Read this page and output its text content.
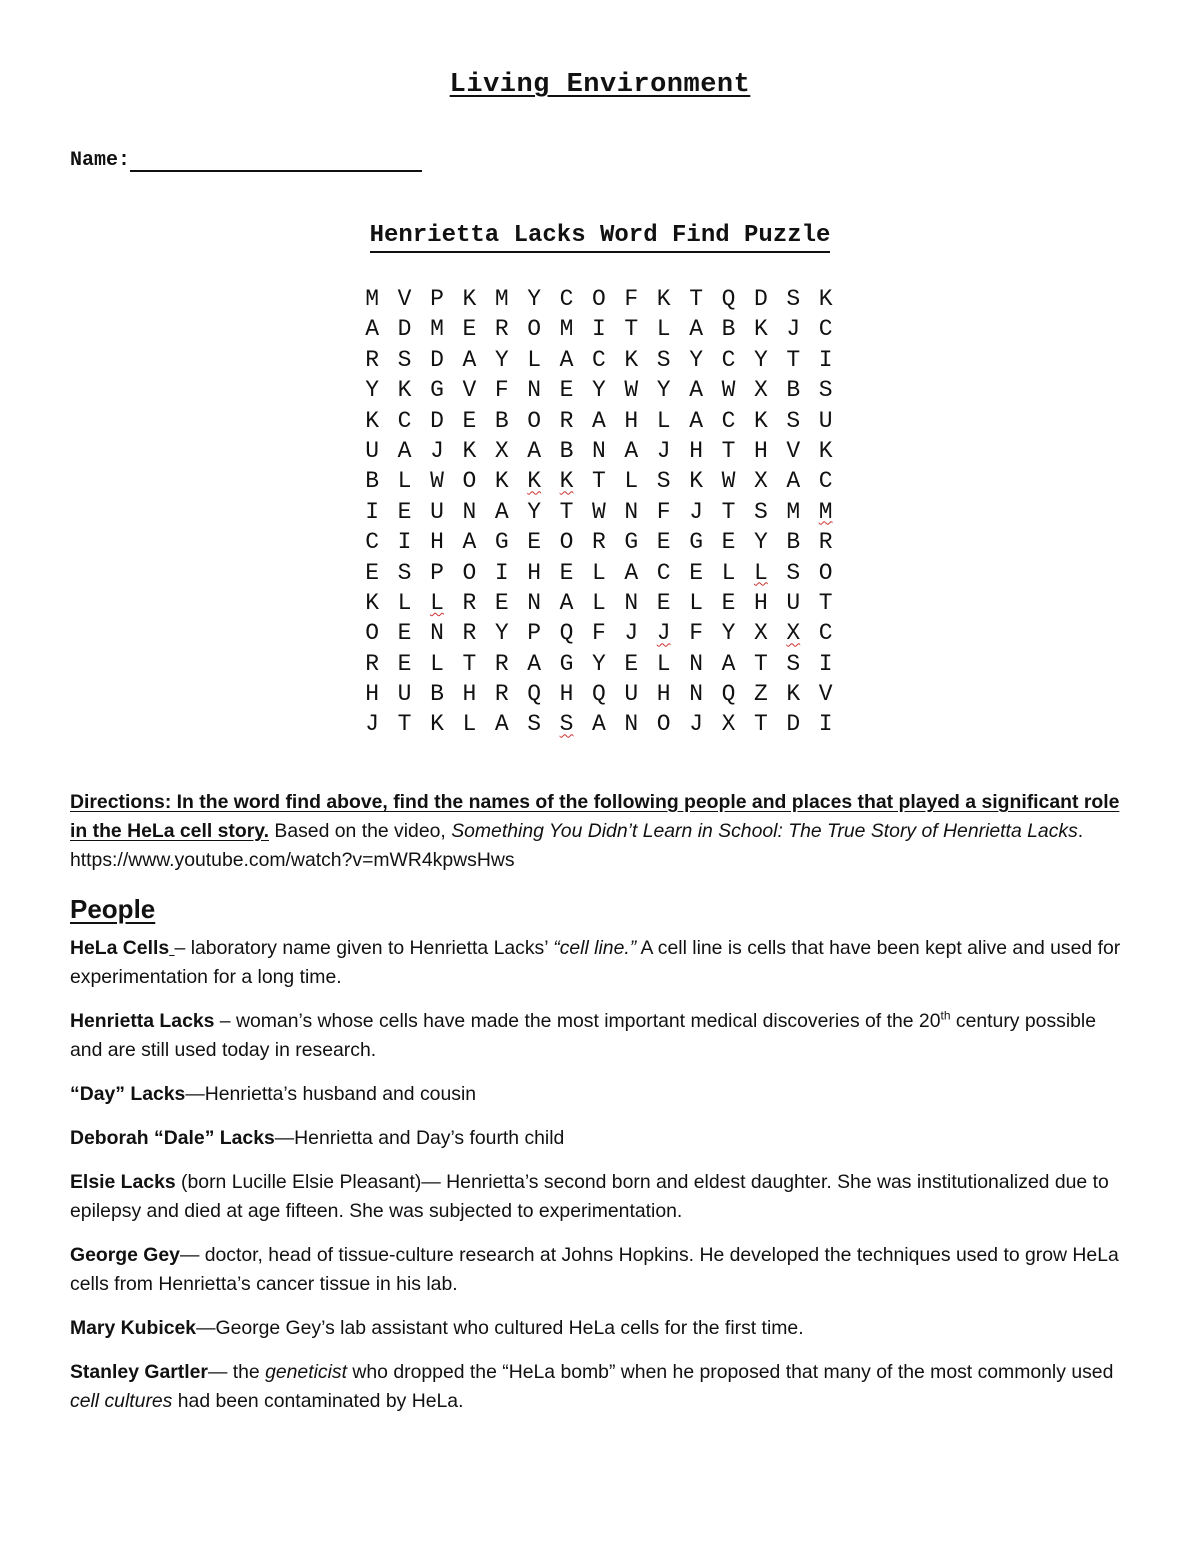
Living Environment
Name:
Henrietta Lacks Word Find Puzzle
M V P K M Y C O F K T Q D S K
A D M E R O M I T L A B K J C
R S D A Y L A C K S Y C Y T I
Y K G V F N E Y W Y A W X B S
K C D E B O R A H L A C K S U
U A J K X A B N A J H T H V K
B L W O K K K T L S K W X A C
I E U N A Y T W N F J T S M M
C I H A G E O R G E G E Y B R
E S P O I H E L A C E L L S O
K L L R E N A L N E L E H U T
O E N R Y P Q F J J F Y X X C
R E L T R A G Y E L N A T S I
H U B H R Q H Q U H N Q Z K V
J T K L A S S A N O J X T D I

Directions: In the word find above, find the names of the following people and places that played a significant role in the HeLa cell story. Based on the video, Something You Didn’t Learn in School: The True Story of Henrietta Lacks.
https://www.youtube.com/watch?v=mWR4kpwsHws

People

HeLa Cells – laboratory name given to Henrietta Lacks’ “cell line.” A cell line is cells that have been kept alive and used for experimentation for a long time.

Henrietta Lacks – woman’s whose cells have made the most important medical discoveries of the 20th century possible and are still used today in research.

“Day” Lacks—Henrietta’s husband and cousin

Deborah “Dale” Lacks—Henrietta and Day’s fourth child

Elsie Lacks (born Lucille Elsie Pleasant)— Henrietta’s second born and eldest daughter. She was institutionalized due to epilepsy and died at age fifteen. She was subjected to experimentation.

George Gey— doctor, head of tissue-culture research at Johns Hopkins. He developed the techniques used to grow HeLa cells from Henrietta’s cancer tissue in his lab.

Mary Kubicek—George Gey’s lab assistant who cultured HeLa cells for the first time.

Stanley Gartler— the geneticist who dropped the “HeLa bomb” when he proposed that many of the most commonly used cell cultures had been contaminated by HeLa.
